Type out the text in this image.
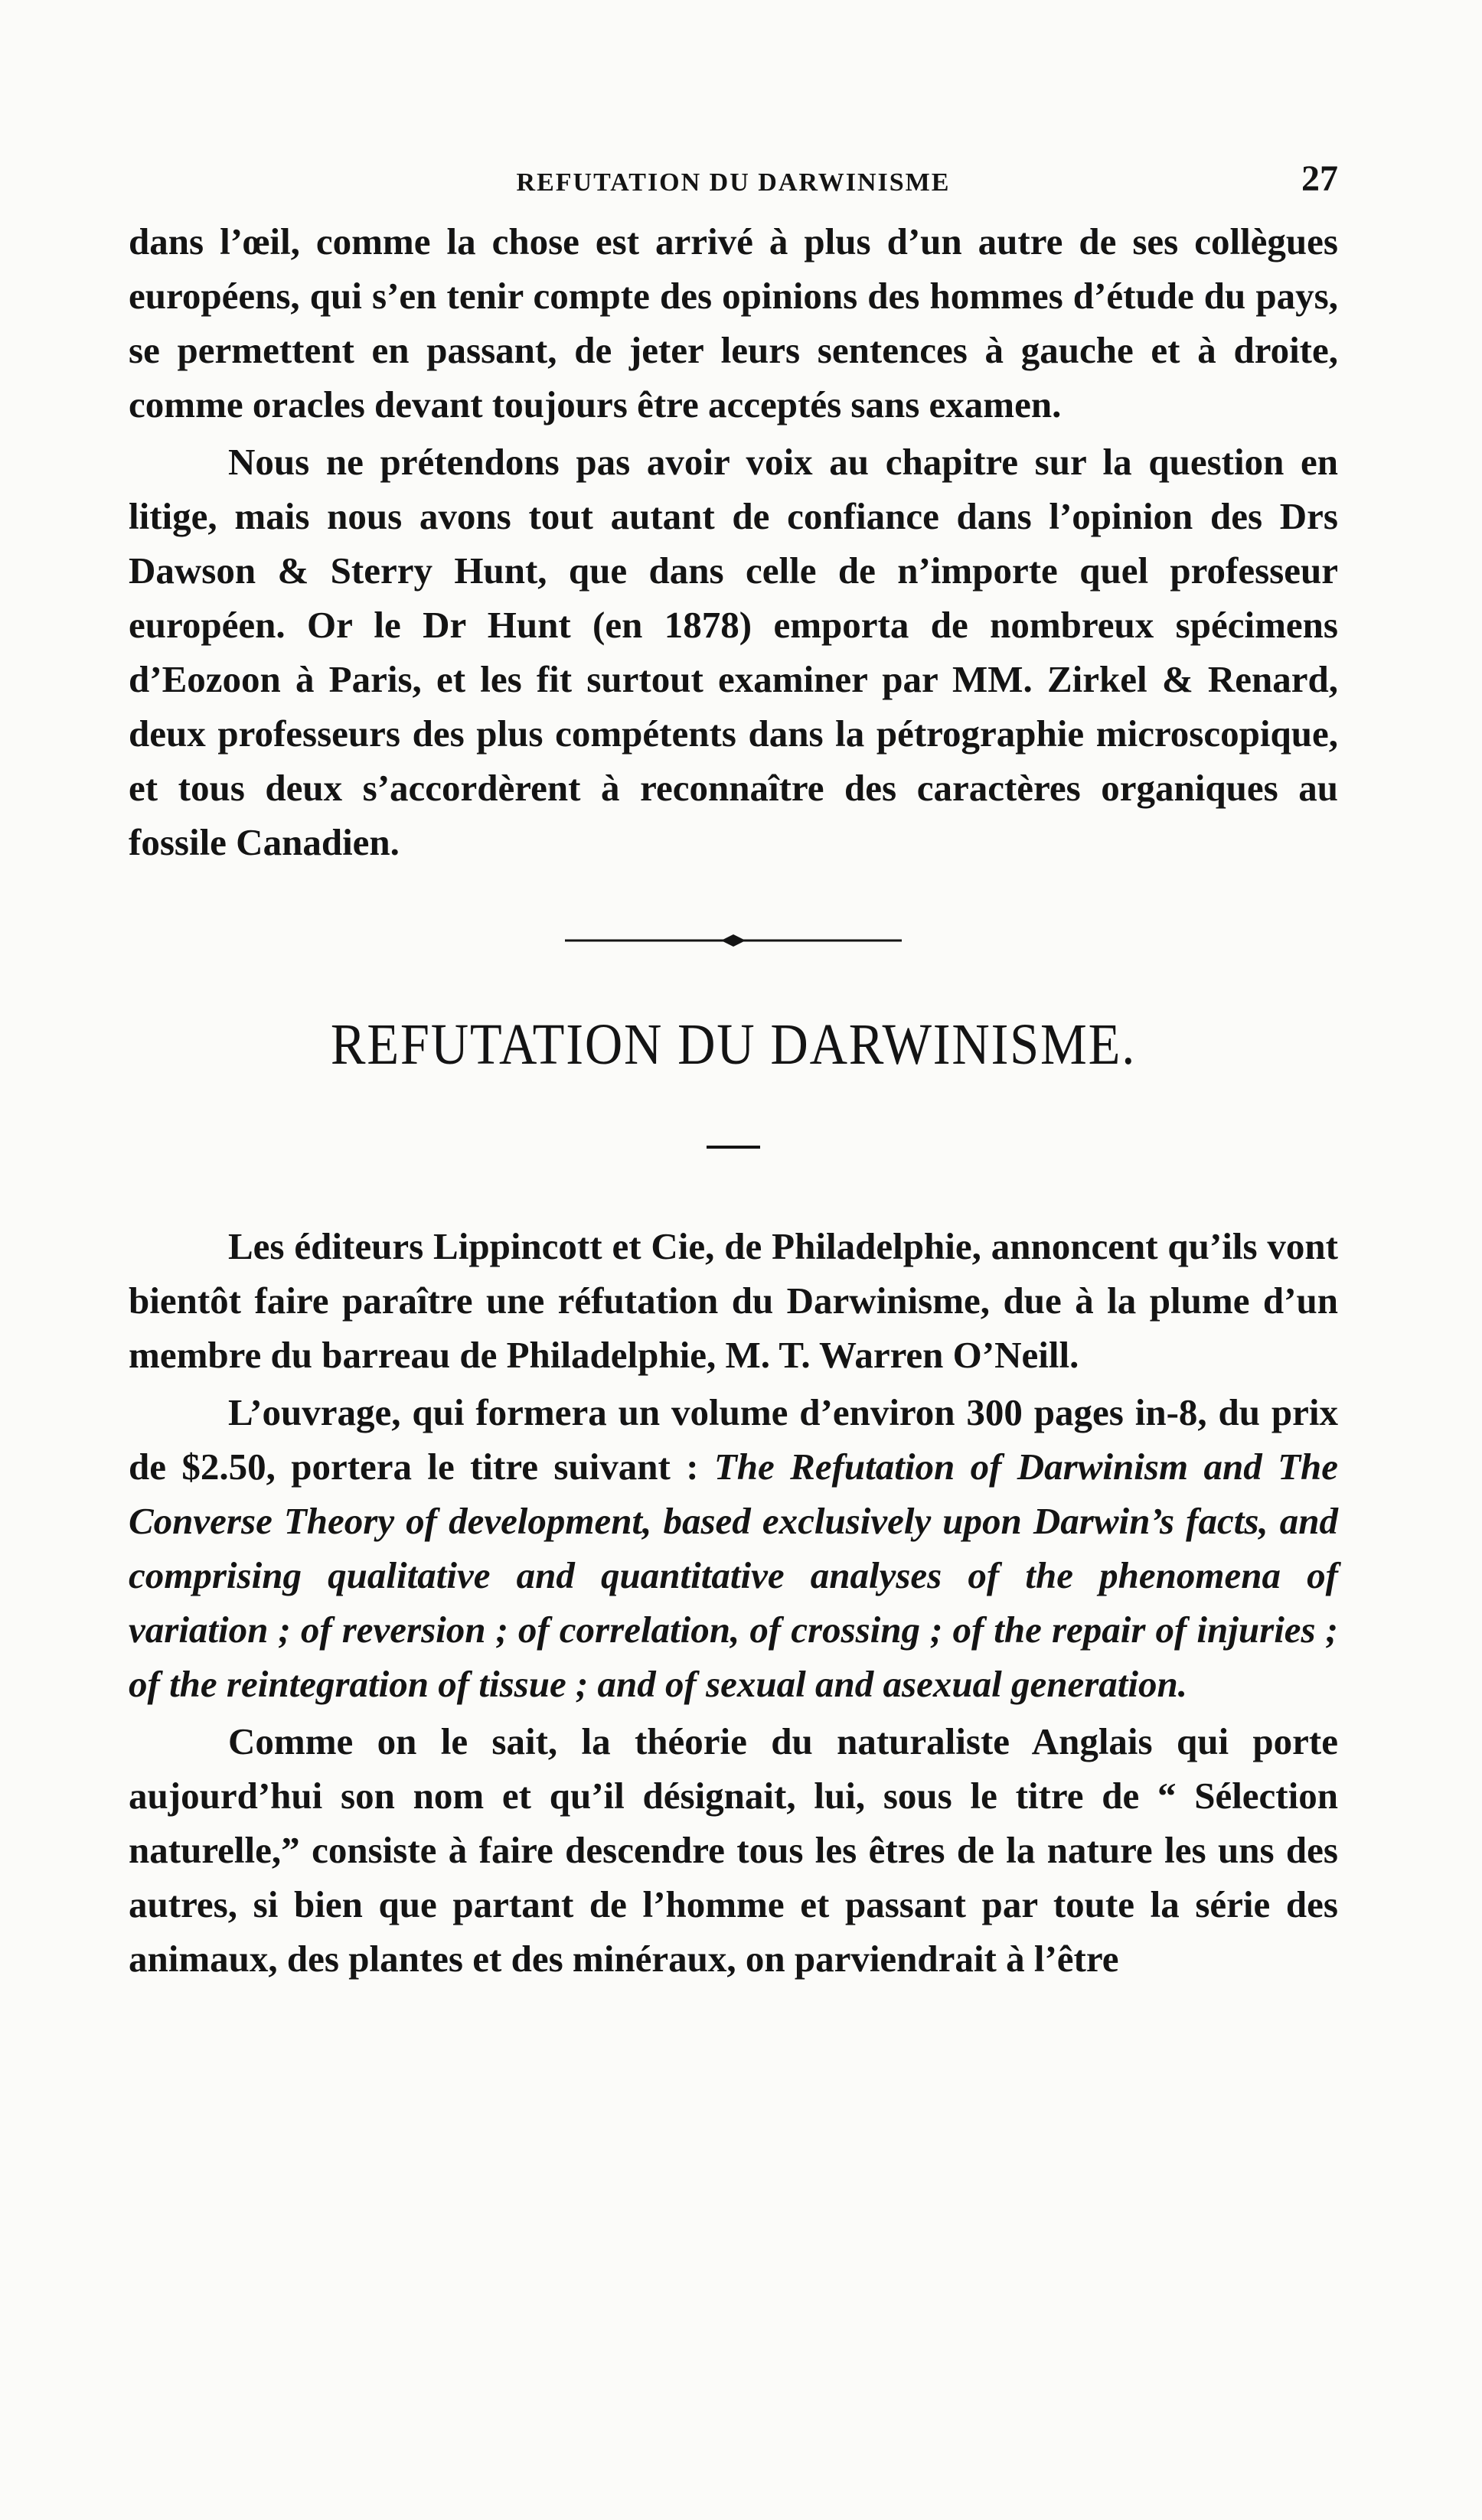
REFUTATION DU DARWINISME	27

dans l’œil, comme la chose est arrivé à plus d’un autre de ses collègues européens, qui s’en tenir compte des opinions des hommes d’étude du pays, se permettent en passant, de jeter leurs sentences à gauche et à droite, comme oracles devant toujours être acceptés sans examen.

Nous ne prétendons pas avoir voix au chapitre sur la question en litige, mais nous avons tout autant de confiance dans l’opinion des Drs Dawson & Sterry Hunt, que dans celle de n’importe quel professeur européen. Or le Dr Hunt (en 1878) emporta de nombreux spécimens d’Eozoon à Paris, et les fit surtout examiner par MM. Zirkel & Renard, deux professeurs des plus compétents dans la pétrographie microscopique, et tous deux s’accordèrent à reconnaître des caractères organiques au fossile Canadien.

REFUTATION DU DARWINISME.

Les éditeurs Lippincott et Cie, de Philadelphie, annoncent qu’ils vont bientôt faire paraître une réfutation du Darwinisme, due à la plume d’un membre du barreau de Philadelphie, M. T. Warren O’Neill.

L’ouvrage, qui formera un volume d’environ 300 pages in-8, du prix de $2.50, portera le titre suivant : The Refutation of Darwinism and The Converse Theory of development, based exclusively upon Darwin’s facts, and comprising qualitative and quantitative analyses of the phenomena of variation ; of reversion ; of correlation, of crossing ; of the repair of injuries ; of the reintegration of tissue ; and of sexual and asexual generation.

Comme on le sait, la théorie du naturaliste Anglais qui porte aujourd’hui son nom et qu’il désignait, lui, sous le titre de “ Sélection naturelle,” consiste à faire descendre tous les êtres de la nature les uns des autres, si bien que partant de l’homme et passant par toute la série des animaux, des plantes et des minéraux, on parviendrait à l’être
